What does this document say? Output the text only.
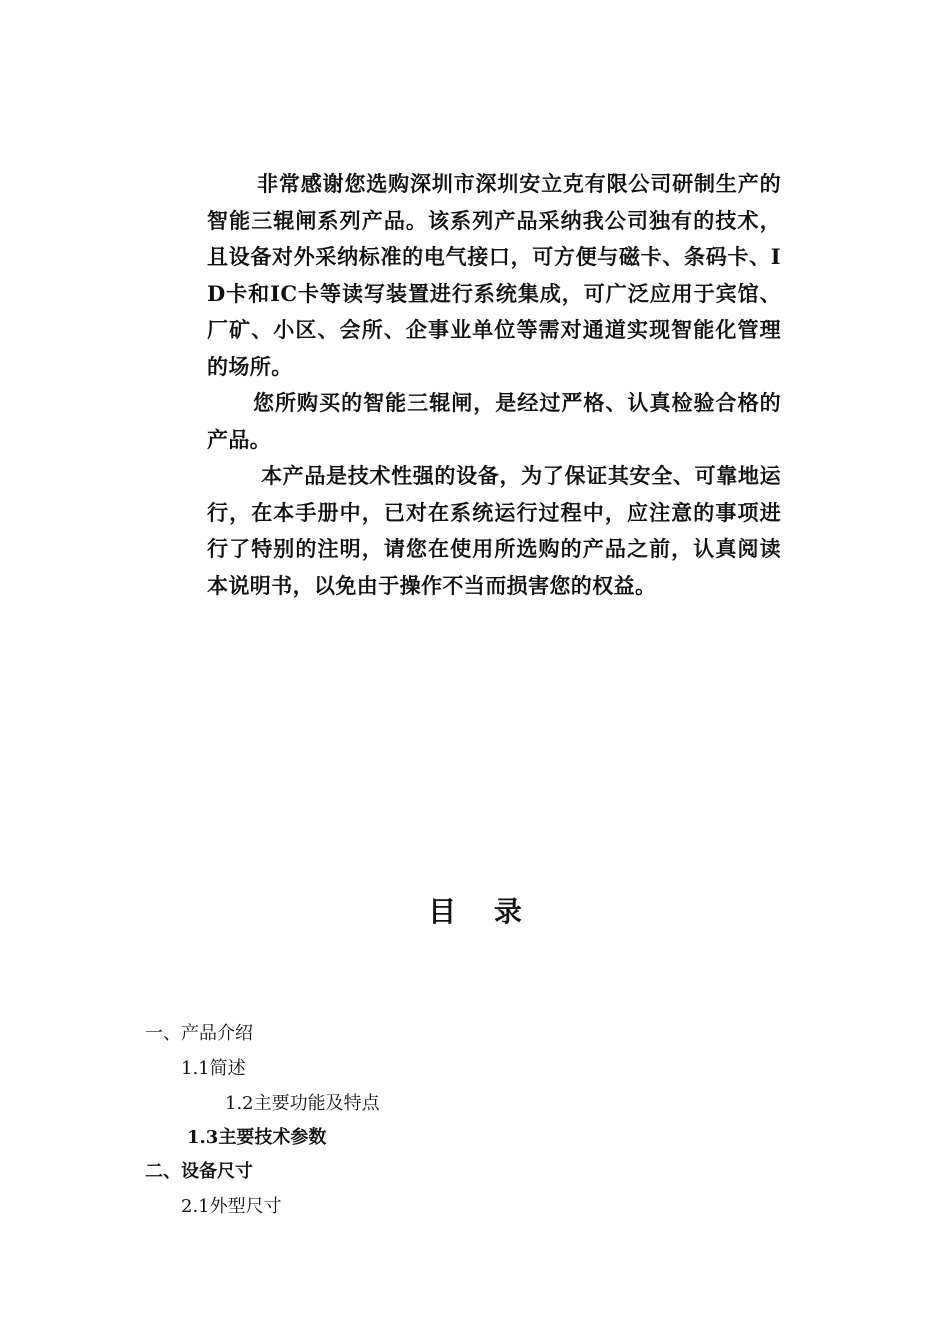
非常感谢您选购深圳市深圳安立克有限公司研制生产的智能三辊闸系列产品。该系列产品采纳我公司独有的技术，且设备对外采纳标准的电气接口，可方便与磁卡、条码卡、ID卡和IC卡等读写装置进行系统集成，可广泛应用于宾馆、厂矿、小区、会所、企事业单位等需对通道实现智能化管理的场所。

您所购买的智能三辊闸，是经过严格、认真检验合格的产品。

本产品是技术性强的设备，为了保证其安全、可靠地运行，在本手册中，已对在系统运行过程中，应注意的事项进行了特别的注明，请您在使用所选购的产品之前，认真阅读本说明书，以免由于操作不当而损害您的权益。

目 录
一、产品介绍
1.1简述
1.2主要功能及特点
1.3主要技术参数
二、设备尺寸
2.1外型尺寸
